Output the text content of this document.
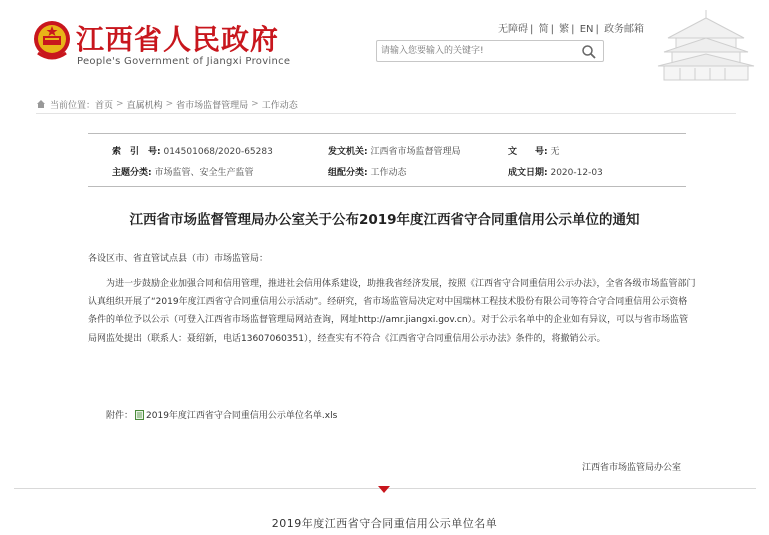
江西省人民政府
People's Government of Jiangxi Province
无障碍 | 简 | 繁 | EN | 政务邮箱
请输入您要输入的关键字!
当前位置： 首页 > 直属机构 > 省市场监督管理局 > 工作动态
索　引　号: 014501068/2020-65283	发文机关: 江西省市场监督管理局	文　　号: 无
主题分类: 市场监管、安全生产监管	组配分类: 工作动态	成文日期: 2020-12-03
江西省市场监督管理局办公室关于公布2019年度江西省守合同重信用公示单位的通知
各设区市、省直管试点县（市）市场监管局：
为进一步鼓励企业加强合同和信用管理，推进社会信用体系建设，助推我省经济发展，按照《江西省守合同重信用公示办法》，全省各级市场监管部门认真组织开展了“2019年度江西省守合同重信用公示活动”。经研究，省市场监管局决定对中国瑞林工程技术股份有限公司等符合守合同重信用公示资格条件的单位予以公示（可登入江西省市场监督管理局网站查询，网址http://amr.jiangxi.gov.cn）。对于公示名单中的企业如有异议，可以与省市场监管局网监处提出（联系人：聂绍新，电话13607060351），经查实有不符合《江西省守合同重信用公示办法》条件的，将撤销公示。
附件： 2019年度江西省守合同重信用公示单位名单.xls
江西省市场监管局办公室
2019年度江西省守合同重信用公示单位名单
